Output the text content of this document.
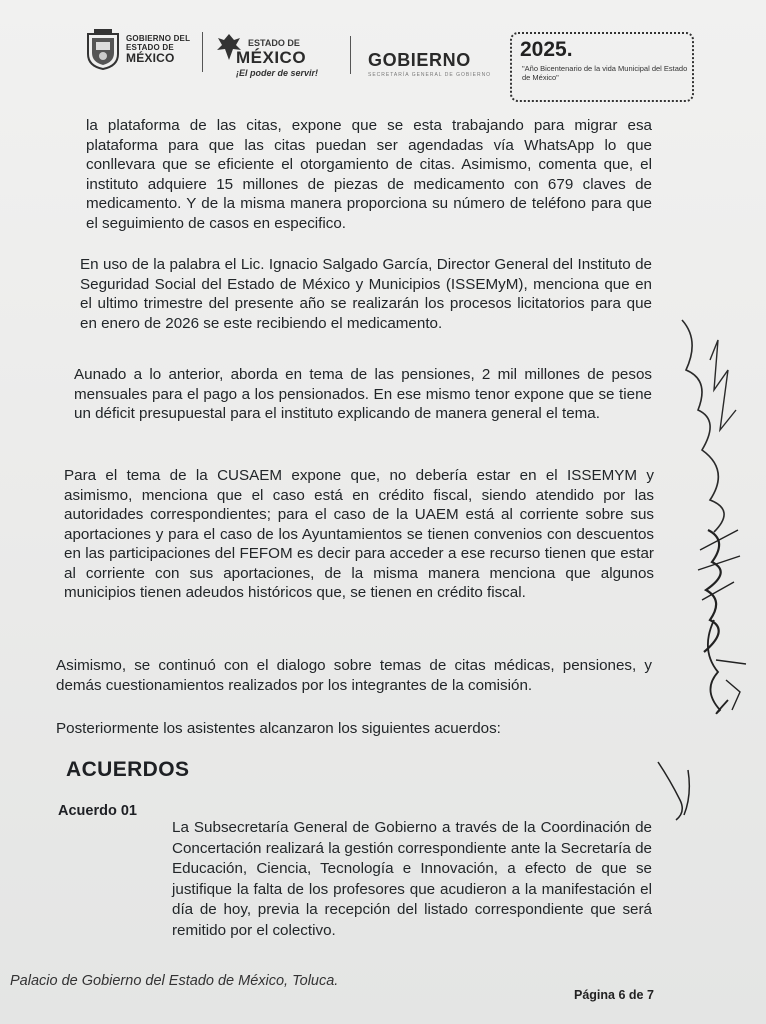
GOBIERNO DEL
ESTADO DE
MÉXICO
ESTADO DE
MÉXICO
¡El poder de servir!
GOBIERNO
SECRETARÍA GENERAL DE GOBIERNO
2025.
"Año Bicentenario de la vida Municipal del Estado de México"
la plataforma de las citas, expone que se esta trabajando para migrar esa plataforma para que las citas puedan ser agendadas vía WhatsApp lo que conllevara que se eficiente el otorgamiento de citas. Asimismo, comenta que, el instituto adquiere 15 millones de piezas de medicamento con 679 claves de medicamento. Y de la misma manera proporciona su número de teléfono para que el seguimiento de casos en especifico.
En uso de la palabra el Lic. Ignacio Salgado García, Director General del Instituto de Seguridad Social del Estado de México y Municipios (ISSEMyM), menciona que en el ultimo trimestre del presente año se realizarán los procesos licitatorios para que en enero de 2026 se este recibiendo el medicamento.
Aunado a lo anterior, aborda en tema de las pensiones, 2 mil millones de pesos mensuales para el pago a los pensionados. En ese mismo tenor expone que se tiene un déficit presupuestal para el instituto explicando de manera general el tema.
Para el tema de la CUSAEM expone que, no debería estar en el ISSEMYM y asimismo, menciona que el caso está en crédito fiscal, siendo atendido por las autoridades correspondientes; para el caso de la UAEM está al corriente sobre sus aportaciones y para el caso de los Ayuntamientos se tienen convenios con descuentos en las participaciones del FEFOM es decir para acceder a ese recurso tienen que estar al corriente con sus aportaciones, de la misma manera menciona que algunos municipios tienen adeudos históricos que, se tienen en crédito fiscal.
Asimismo, se continuó con el dialogo sobre temas de citas médicas, pensiones, y demás cuestionamientos realizados por los integrantes de la comisión.
Posteriormente los asistentes alcanzaron los siguientes acuerdos:
ACUERDOS
Acuerdo 01
La Subsecretaría General de Gobierno a través de la Coordinación de Concertación realizará la gestión correspondiente ante la Secretaría de Educación, Ciencia, Tecnología e Innovación, a efecto de que se justifique la falta de los profesores que acudieron a la manifestación el día de hoy, previa la recepción del listado correspondiente que será remitido por el colectivo.
Palacio de Gobierno del Estado de México, Toluca.
Página 6 de 7
